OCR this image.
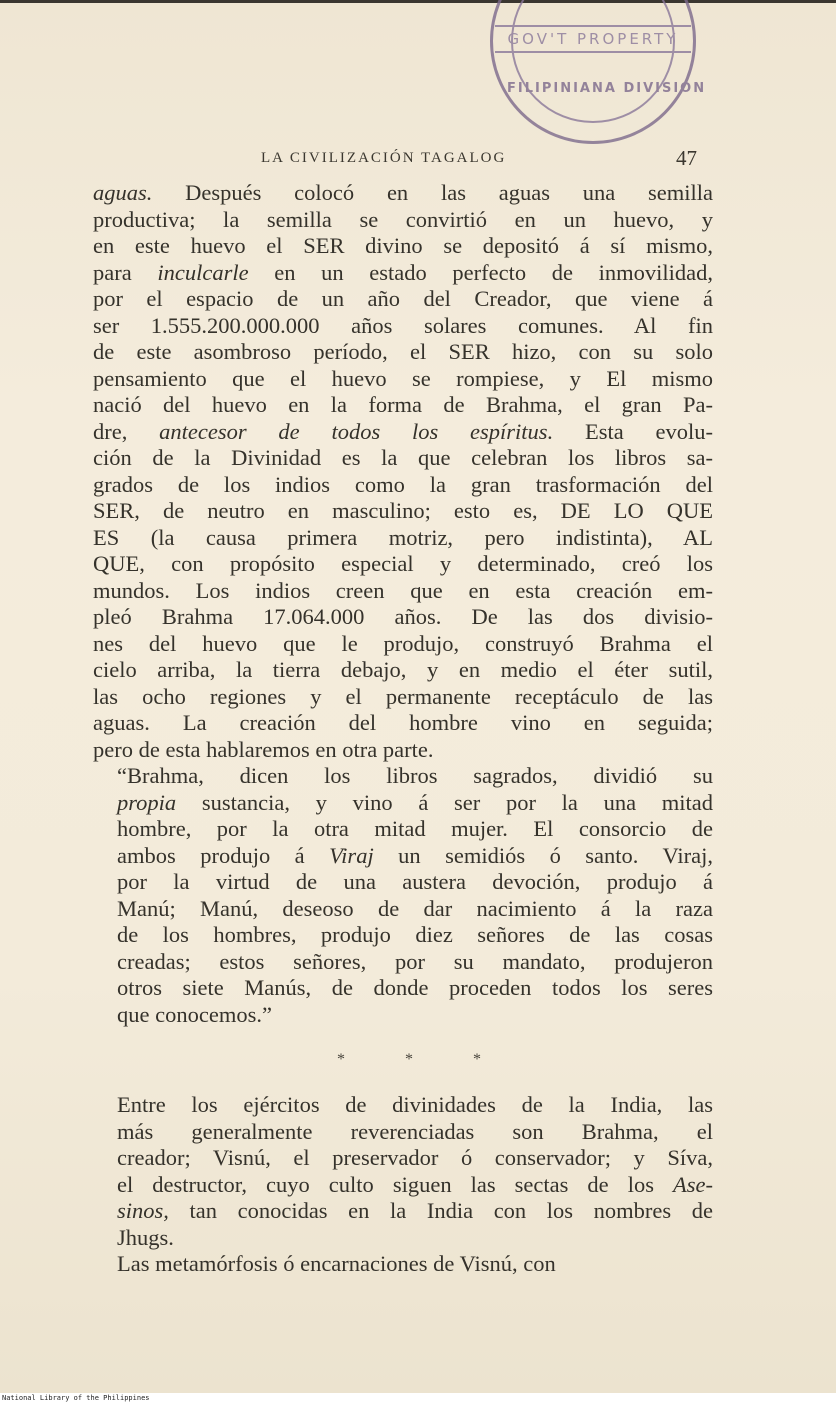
GOV'T PROPERTY
FILIPINIANA DIVISION
LA CIVILIZACIÓN TAGALOG	47

aguas. Después colocó en las aguas una semilla
productiva; la semilla se convirtió en un huevo, y
en este huevo el SER divino se depositó á sí mismo,
para inculcarle en un estado perfecto de inmovilidad,
por el espacio de un año del Creador, que viene á
ser 1.555.200.000.000 años solares comunes. Al fin
de este asombroso período, el SER hizo, con su solo
pensamiento que el huevo se rompiese, y El mismo
nació del huevo en la forma de Brahma, el gran Pa-
dre, antecesor de todos los espíritus. Esta evolu-
ción de la Divinidad es la que celebran los libros sa-
grados de los indios como la gran trasformación del
SER, de neutro en masculino; esto es, DE LO QUE
ES (la causa primera motriz, pero indistinta), AL
QUE, con propósito especial y determinado, creó los
mundos. Los indios creen que en esta creación em-
pleó Brahma 17.064.000 años. De las dos divisio-
nes del huevo que le produjo, construyó Brahma el
cielo arriba, la tierra debajo, y en medio el éter sutil,
las ocho regiones y el permanente receptáculo de las
aguas. La creación del hombre vino en seguida;
pero de esta hablaremos en otra parte.

“Brahma, dicen los libros sagrados, dividió su
propia sustancia, y vino á ser por la una mitad
hombre, por la otra mitad mujer. El consorcio de
ambos produjo á Viraj un semidiós ó santo. Viraj,
por la virtud de una austera devoción, produjo á
Manú; Manú, deseoso de dar nacimiento á la raza
de los hombres, produjo diez señores de las cosas
creadas; estos señores, por su mandato, produjeron
otros siete Manús, de donde proceden todos los seres
que conocemos.”

* * *

Entre los ejércitos de divinidades de la India, las
más generalmente reverenciadas son Brahma, el
creador; Visnú, el preservador ó conservador; y Síva,
el destructor, cuyo culto siguen las sectas de los Ase-
sinos, tan conocidas en la India con los nombres de
Jhugs.

Las metamórfosis ó encarnaciones de Visnú, con

National Library of the Philippines
